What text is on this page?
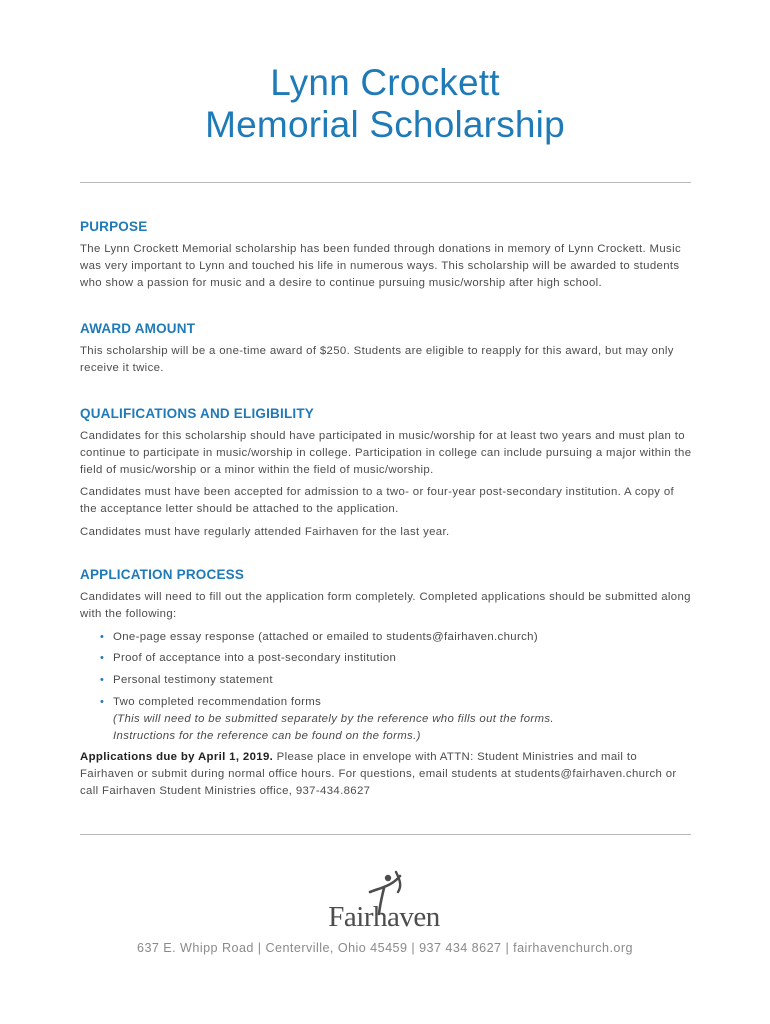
Lynn Crockett
Memorial Scholarship
PURPOSE

The Lynn Crockett Memorial scholarship has been funded through donations in memory of Lynn Crockett. Music was very important to Lynn and touched his life in numerous ways. This scholarship will be awarded to students who show a passion for music and a desire to continue pursuing music/worship after high school.

AWARD AMOUNT

This scholarship will be a one-time award of $250. Students are eligible to reapply for this award, but may only receive it twice.

QUALIFICATIONS AND ELIGIBILITY

Candidates for this scholarship should have participated in music/worship for at least two years and must plan to continue to participate in music/worship in college. Participation in college can include pursuing a major within the field of music/worship or a minor within the field of music/worship.

Candidates must have been accepted for admission to a two- or four-year post-secondary institution. A copy of the acceptance letter should be attached to the application.

Candidates must have regularly attended Fairhaven for the last year.

APPLICATION PROCESS

Candidates will need to fill out the application form completely. Completed applications should be submitted along with the following:

• One-page essay response (attached or emailed to students@fairhaven.church)
• Proof of acceptance into a post-secondary institution
• Personal testimony statement
• Two completed recommendation forms
(This will need to be submitted separately by the reference who fills out the forms.
Instructions for the reference can be found on the forms.)

Applications due by April 1, 2019. Please place in envelope with ATTN: Student Ministries and mail to Fairhaven or submit during normal office hours. For questions, email students at students@fairhaven.church or call Fairhaven Student Ministries office, 937-434.8627

Fairhaven
637 E. Whipp Road | Centerville, Ohio 45459 | 937 434 8627 | fairhavenchurch.org
